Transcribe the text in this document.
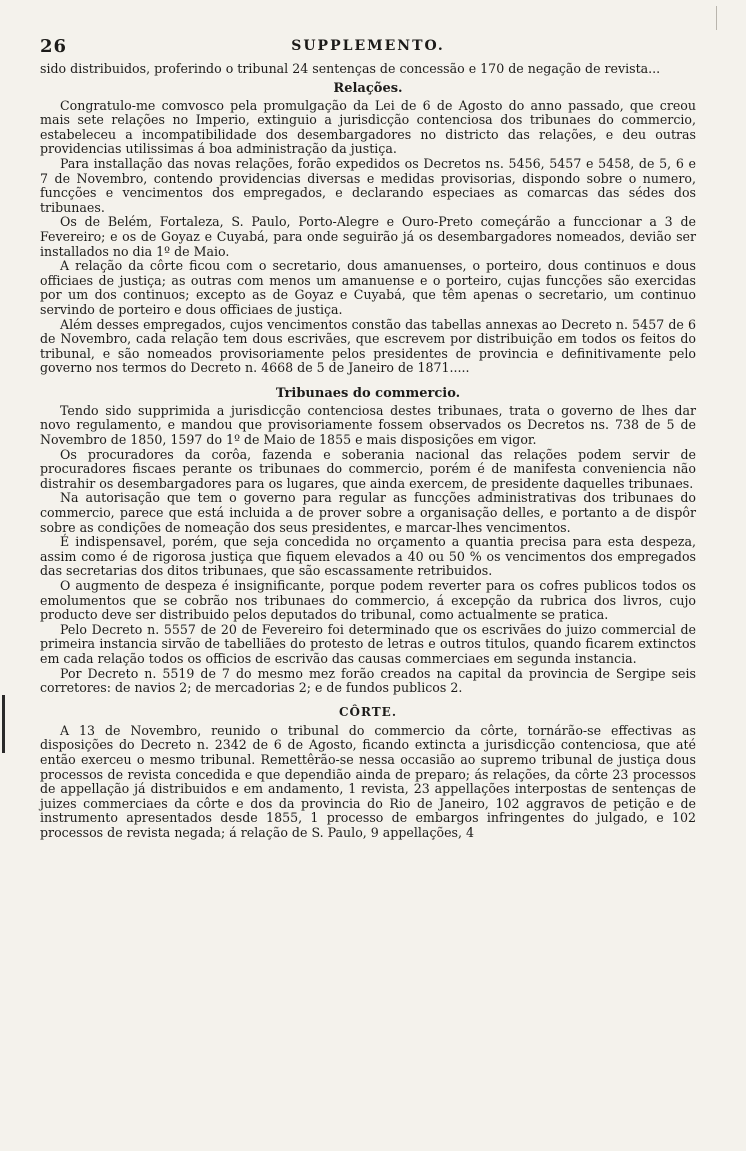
26	SUPPLEMENTO.

sido distribuidos, proferindo o tribunal 24 sentenças de concessão e 170 de negação de revista...

Relações.

Congratulo-me comvosco pela promulgação da Lei de 6 de Agosto do anno passado, que creou mais sete relações no Imperio, extinguio a jurisdicção contenciosa dos tribunaes do commercio, estabeleceu a incompatibilidade dos desembargadores no districto das relações, e deu outras providencias utilissimas á boa administração da justiça.

Para installação das novas relações, forão expedidos os Decretos ns. 5456, 5457 e 5458, de 5, 6 e 7 de Novembro, contendo providencias diversas e medidas provisorias, dispondo sobre o numero, funcções e vencimentos dos empregados, e declarando especiaes as comarcas das sédes dos tribunaes.

Os de Belém, Fortaleza, S. Paulo, Porto-Alegre e Ouro-Preto começárão a funccionar a 3 de Fevereiro; e os de Goyaz e Cuyabá, para onde seguirão já os desembargadores nomeados, devião ser installados no dia 1º de Maio.

A relação da côrte ficou com o secretario, dous amanuenses, o porteiro, dous continuos e dous officiaes de justiça; as outras com menos um amanuense e o porteiro, cujas funcções são exercidas por um dos continuos; excepto as de Goyaz e Cuyabá, que têm apenas o secretario, um continuo servindo de porteiro e dous officiaes de justiça.

Além desses empregados, cujos vencimentos constão das tabellas annexas ao Decreto n. 5457 de 6 de Novembro, cada relação tem dous escrivães, que escrevem por distribuição em todos os feitos do tribunal, e são nomeados provisoriamente pelos presidentes de provincia e definitivamente pelo governo nos termos do Decreto n. 4668 de 5 de Janeiro de 1871.....

Tribunaes do commercio.

Tendo sido supprimida a jurisdicção contenciosa destes tribunaes, trata o governo de lhes dar novo regulamento, e mandou que provisoriamente fossem observados os Decretos ns. 738 de 5 de Novembro de 1850, 1597 do 1º de Maio de 1855 e mais disposições em vigor.

Os procuradores da corôa, fazenda e soberania nacional das relações podem servir de procuradores fiscaes perante os tribunaes do commercio, porém é de manifesta conveniencia não distrahir os desembargadores para os lugares, que ainda exercem, de presidente daquelles tribunaes.

Na autorisação que tem o governo para regular as funcções administrativas dos tribunaes do commercio, parece que está incluida a de prover sobre a organisação delles, e portanto a de dispôr sobre as condições de nomeação dos seus presidentes, e marcar-lhes vencimentos.

É indispensavel, porém, que seja concedida no orçamento a quantia precisa para esta despeza, assim como é de rigorosa justiça que fiquem elevados a 40 ou 50 % os vencimentos dos empregados das secretarias dos ditos tribunaes, que são escassamente retribuidos.

O augmento de despeza é insignificante, porque podem reverter para os cofres publicos todos os emolumentos que se cobrão nos tribunaes do commercio, á excepção da rubrica dos livros, cujo producto deve ser distribuido pelos deputados do tribunal, como actualmente se pratica.

Pelo Decreto n. 5557 de 20 de Fevereiro foi determinado que os escrivães do juizo commercial de primeira instancia sirvão de tabelliães do protesto de letras e outros titulos, quando ficarem extinctos em cada relação todos os officios de escrivão das causas commerciaes em segunda instancia.

Por Decreto n. 5519 de 7 do mesmo mez forão creados na capital da provincia de Sergipe seis corretores: de navios 2; de mercadorias 2; e de fundos publicos 2.

CÔRTE.

A 13 de Novembro, reunido o tribunal do commercio da côrte, tornárão-se effectivas as disposições do Decreto n. 2342 de 6 de Agosto, ficando extincta a jurisdicção contenciosa, que até então exerceu o mesmo tribunal. Remettêrão-se nessa occasião ao supremo tribunal de justiça dous processos de revista concedida e que dependião ainda de preparo; ás relações, da côrte 23 processos de appellação já distribuidos e em andamento, 1 revista, 23 appellações interpostas de sentenças de juizes commerciaes da côrte e dos da provincia do Rio de Janeiro, 102 aggravos de petição e de instrumento apresentados desde 1855, 1 processo de embargos infringentes do julgado, e 102 processos de revista negada; á relação de S. Paulo, 9 appellações, 4
